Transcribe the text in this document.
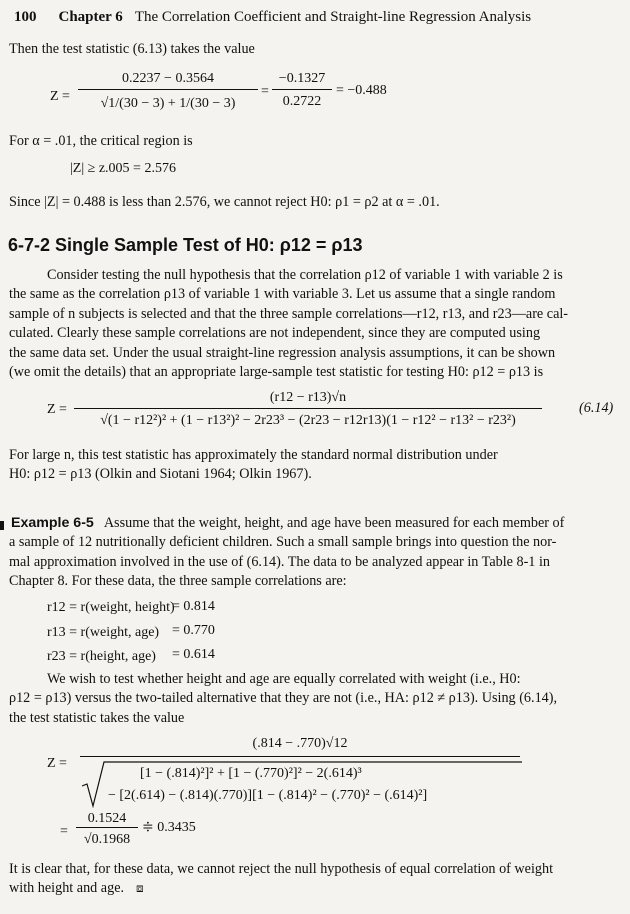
100 Chapter 6 The Correlation Coefficient and Straight-line Regression Analysis
Then the test statistic (6.13) takes the value
Z =
0.2237 − 0.3564
√1/(30 − 3) + 1/(30 − 3)
=
−0.1327
0.2722
= −0.488
For α = .01, the critical region is
|Z| ≥ z.005 = 2.576
Since |Z| = 0.488 is less than 2.576, we cannot reject H0: ρ1 = ρ2 at α = .01.
6-7-2 Single Sample Test of H0: ρ12 = ρ13
Consider testing the null hypothesis that the correlation ρ12 of variable 1 with variable 2 is
the same as the correlation ρ13 of variable 1 with variable 3. Let us assume that a single random
sample of n subjects is selected and that the three sample correlations—r12, r13, and r23—are cal-
culated. Clearly these sample correlations are not independent, since they are computed using
the same data set. Under the usual straight-line regression analysis assumptions, it can be shown
(we omit the details) that an appropriate large-sample test statistic for testing H0: ρ12 = ρ13 is
Z =
(r12 − r13)√n
√(1 − r12²)² + (1 − r13²)² − 2r23³ − (2r23 − r12r13)(1 − r12² − r13² − r23²)
(6.14)
For large n, this test statistic has approximately the standard normal distribution under
H0: ρ12 = ρ13 (Olkin and Siotani 1964; Olkin 1967).
Example 6-5 Assume that the weight, height, and age have been measured for each member of
a sample of 12 nutritionally deficient children. Such a small sample brings into question the nor-
mal approximation involved in the use of (6.14). The data to be analyzed appear in Table 8-1 in
Chapter 8. For these data, the three sample correlations are:
r12 = r(weight, height)
= 0.814
r13 = r(weight, age) = 0.770
r23 = r(height, age) = 0.614
We wish to test whether height and age are equally correlated with weight (i.e., H0:
ρ12 = ρ13) versus the two-tailed alternative that they are not (i.e., HA: ρ12 ≠ ρ13). Using (6.14),
the test statistic takes the value
Z =
(.814 − .770)√12
[1 − (.814)²]² + [1 − (.770)²]² − 2(.614)³
− [2(.614) − (.814)(.770)][1 − (.814)² − (.770)² − (.614)²]
=
0.1524
√0.1968
≑ 0.3435
It is clear that, for these data, we cannot reject the null hypothesis of equal correlation of weight
with height and age. ⧈
